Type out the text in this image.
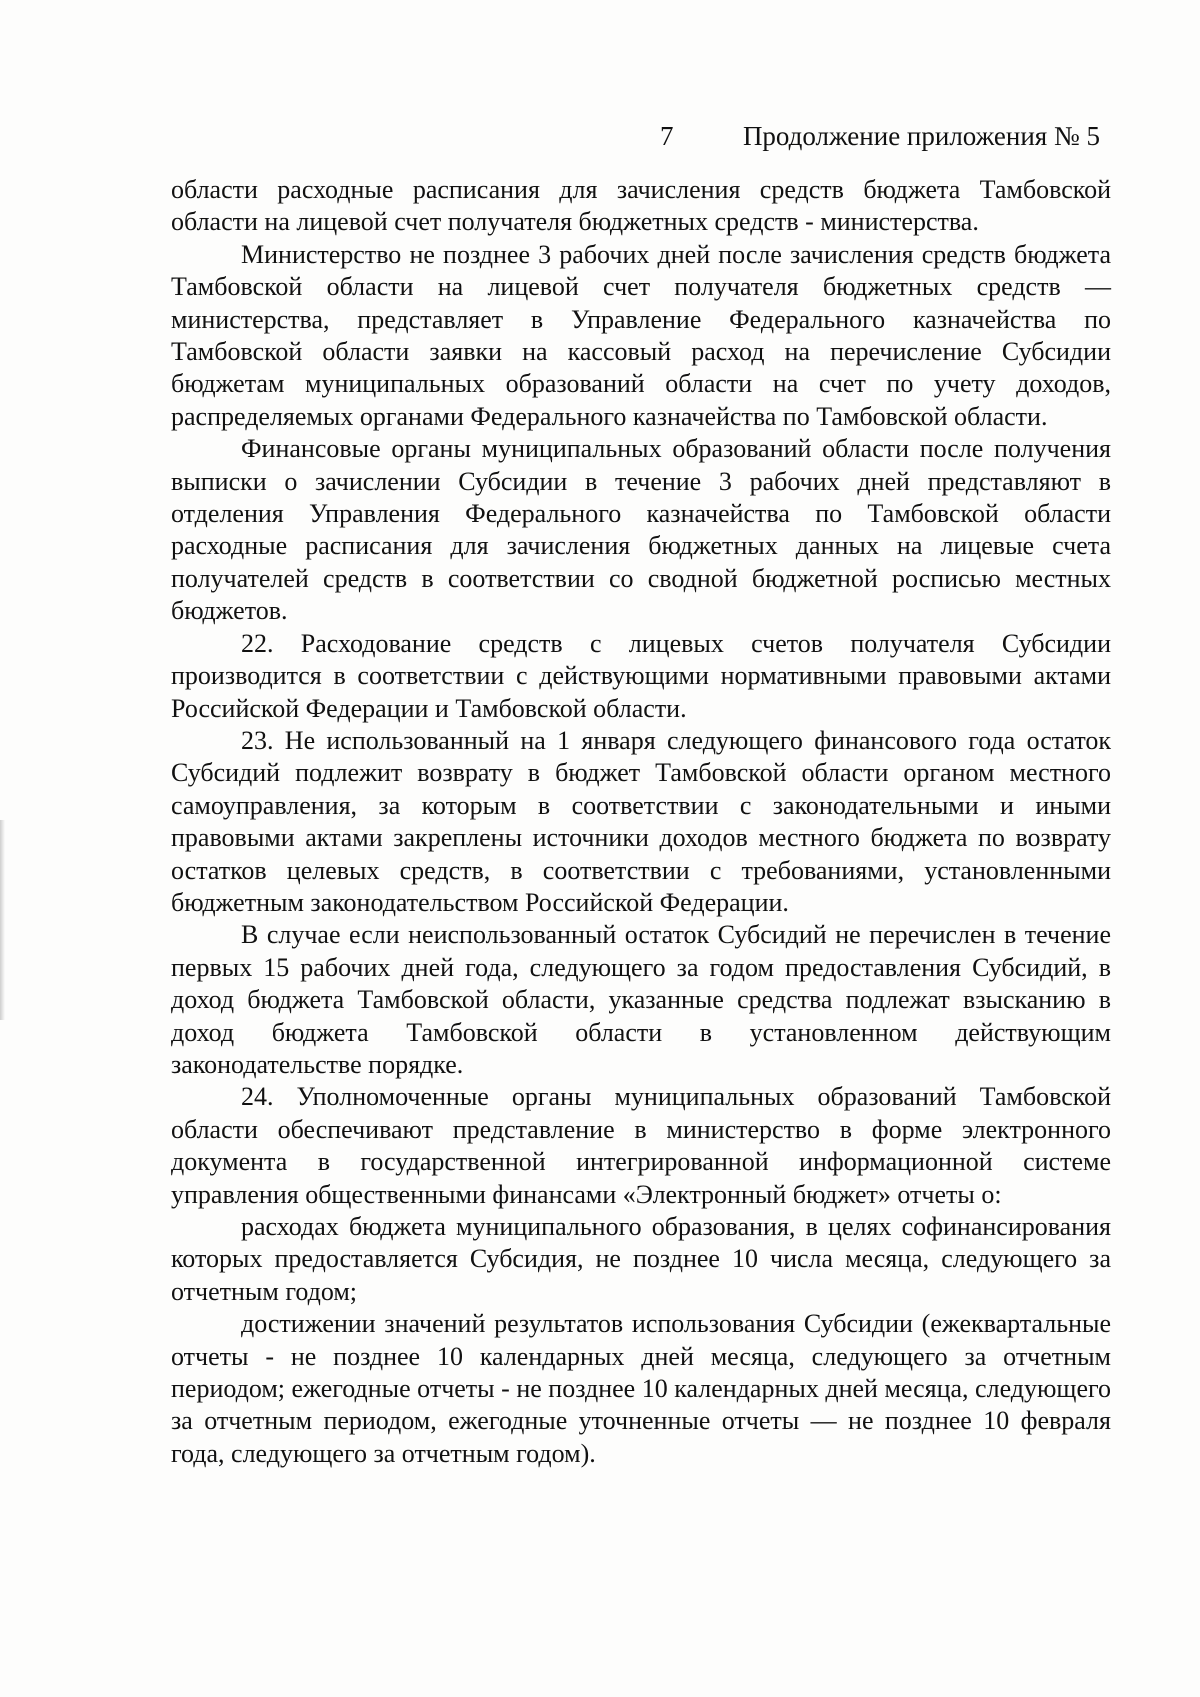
7	Продолжение приложения № 5

области расходные расписания для зачисления средств бюджета Тамбовской области на лицевой счет получателя бюджетных средств - министерства.

Министерство не позднее 3 рабочих дней после зачисления средств бюджета Тамбовской области на лицевой счет получателя бюджетных средств — министерства, представляет в Управление Федерального казначейства по Тамбовской области заявки на кассовый расход на перечисление Субсидии бюджетам муниципальных образований области на счет по учету доходов, распределяемых органами Федерального казначейства по Тамбовской области.

Финансовые органы муниципальных образований области после получения выписки о зачислении Субсидии в течение 3 рабочих дней представляют в отделения Управления Федерального казначейства по Тамбовской области расходные расписания для зачисления бюджетных данных на лицевые счета получателей средств в соответствии со сводной бюджетной росписью местных бюджетов.

22. Расходование средств с лицевых счетов получателя Субсидии производится в соответствии с действующими нормативными правовыми актами Российской Федерации и Тамбовской области.

23. Не использованный на 1 января следующего финансового года остаток Субсидий подлежит возврату в бюджет Тамбовской области органом местного самоуправления, за которым в соответствии с законодательными и иными правовыми актами закреплены источники доходов местного бюджета по возврату остатков целевых средств, в соответствии с требованиями, установленными бюджетным законодательством Российской Федерации.

В случае если неиспользованный остаток Субсидий не перечислен в течение первых 15 рабочих дней года, следующего за годом предоставления Субсидий, в доход бюджета Тамбовской области, указанные средства подлежат взысканию в доход бюджета Тамбовской области в установленном действующим законодательстве порядке.

24. Уполномоченные органы муниципальных образований Тамбовской области обеспечивают представление в министерство в форме электронного документа в государственной интегрированной информационной системе управления общественными финансами «Электронный бюджет» отчеты о:

расходах бюджета муниципального образования, в целях софинансирования которых предоставляется Субсидия, не позднее 10 числа месяца, следующего за отчетным годом;

достижении значений результатов использования Субсидии (ежеквартальные отчеты - не позднее 10 календарных дней месяца, следующего за отчетным периодом; ежегодные отчеты - не позднее 10 календарных дней месяца, следующего за отчетным периодом, ежегодные уточненные отчеты — не позднее 10 февраля года, следующего за отчетным годом).
